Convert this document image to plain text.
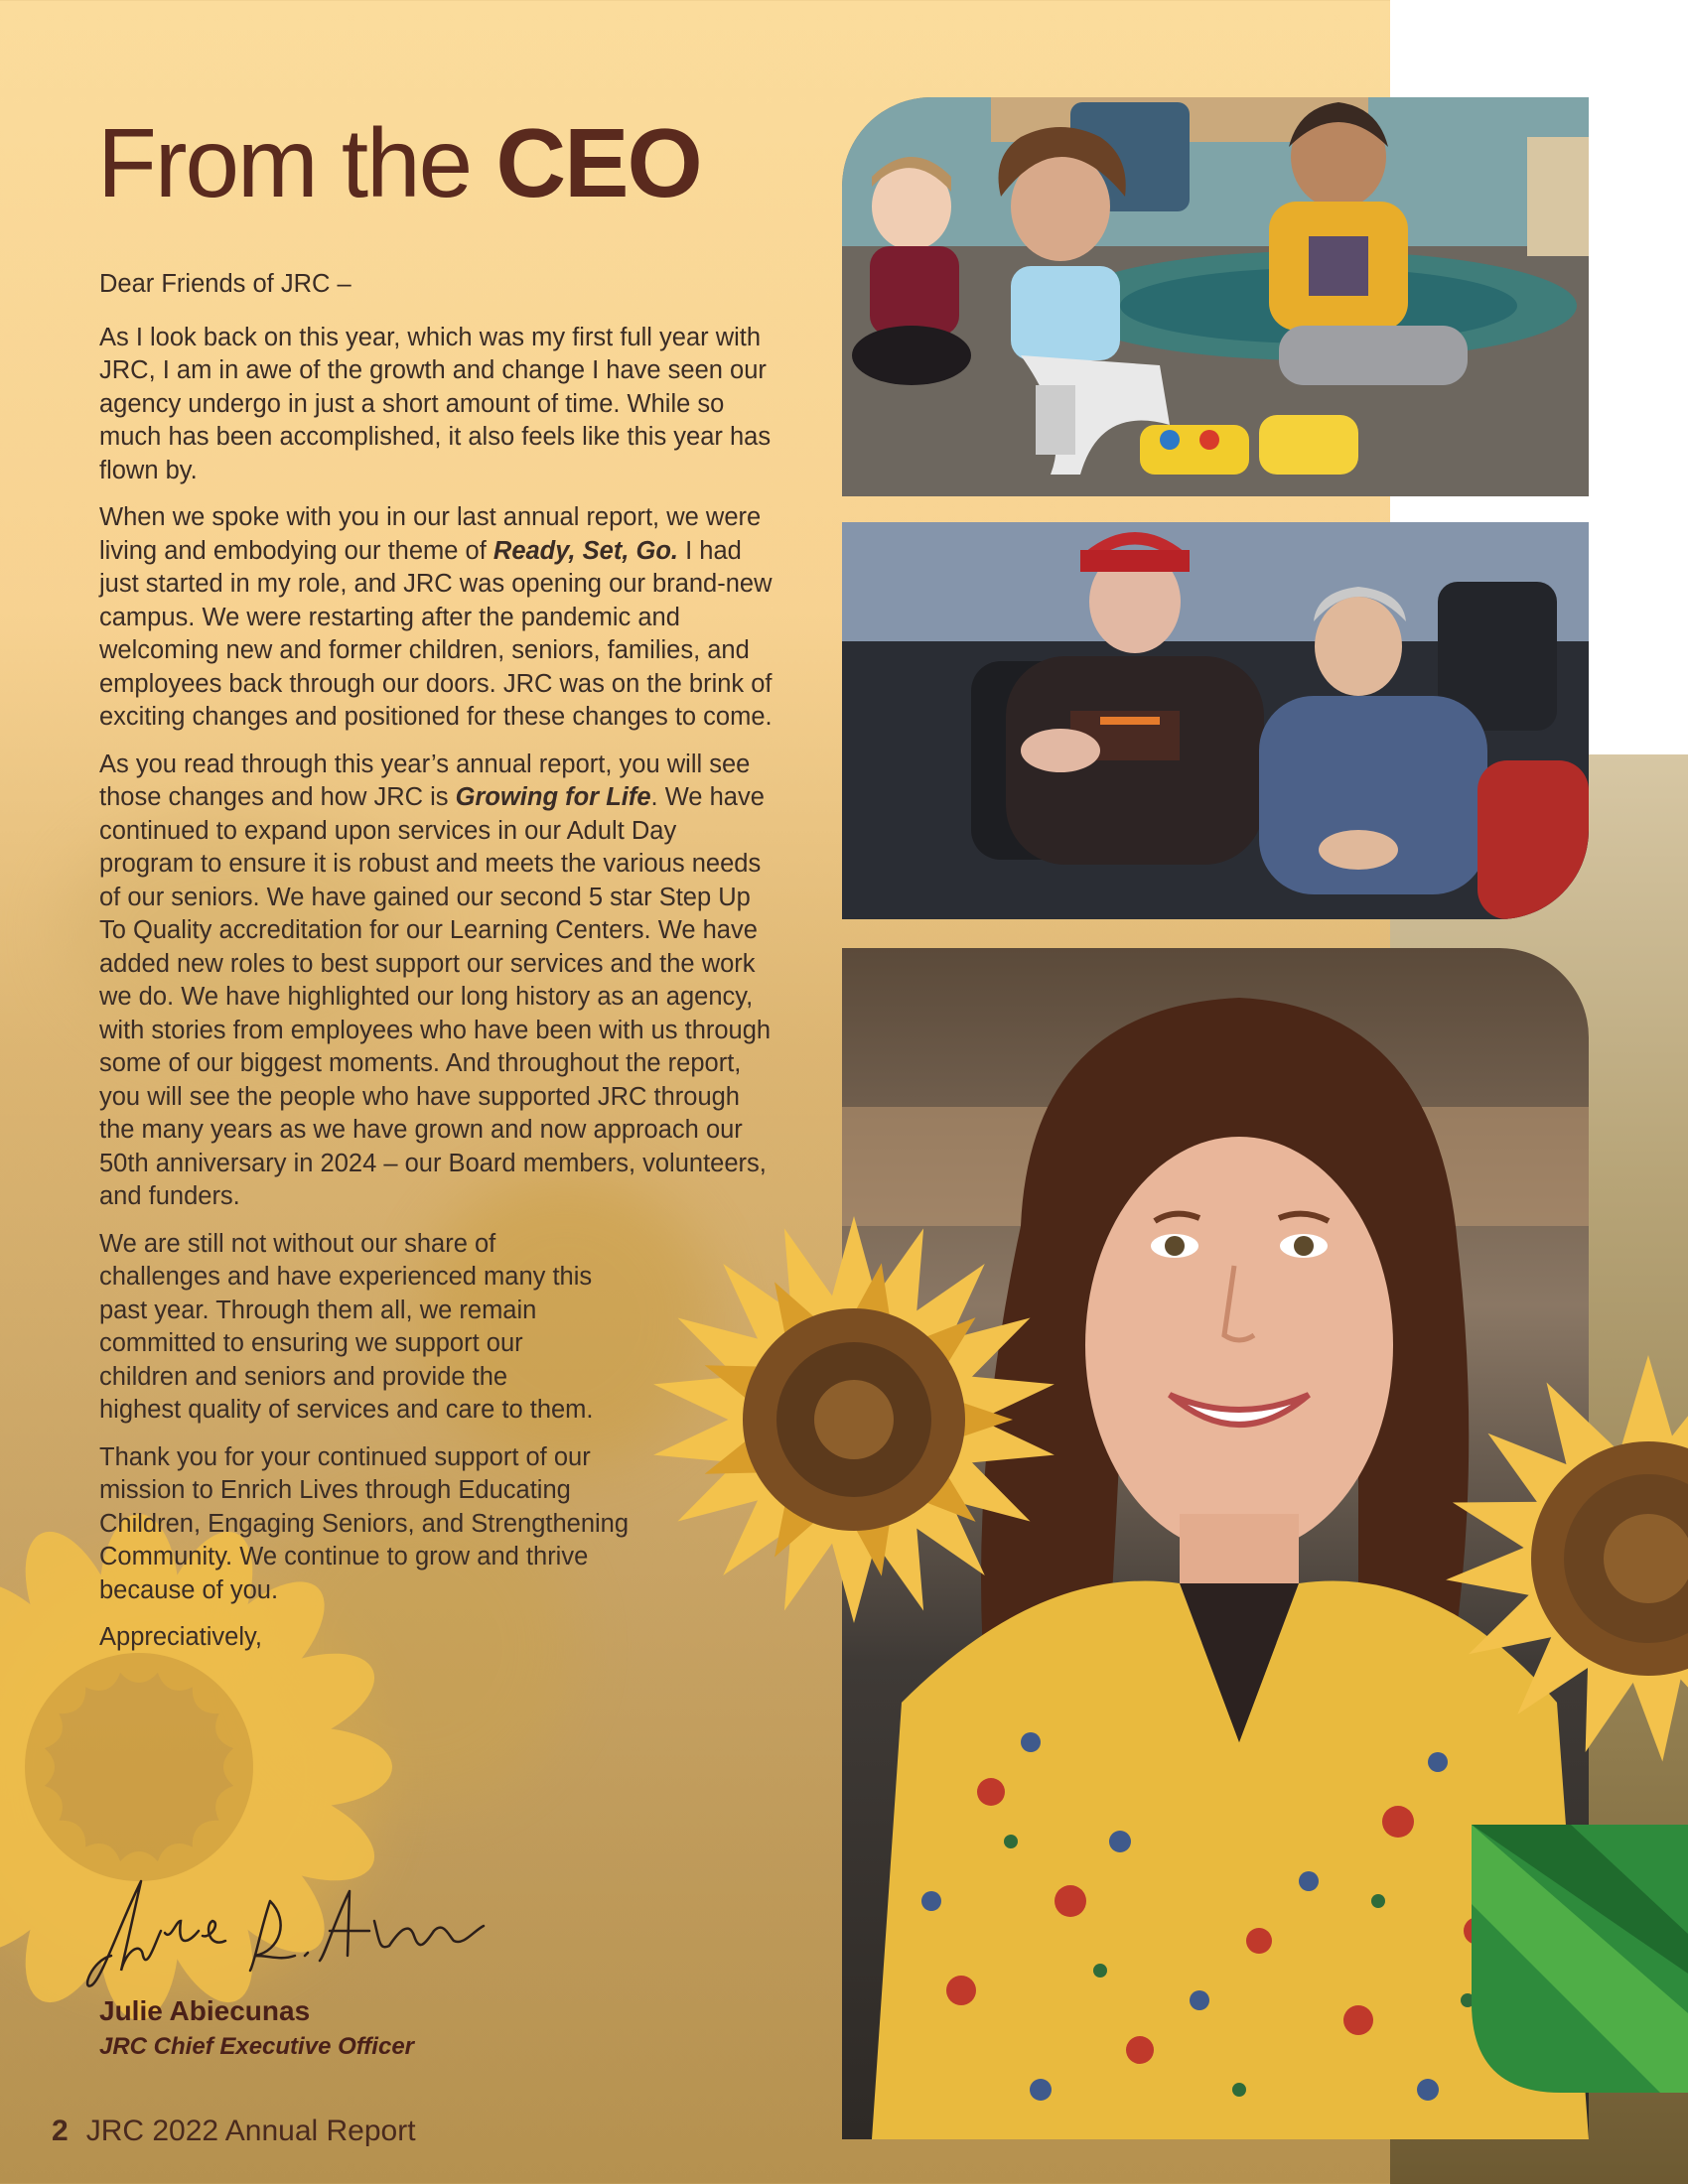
From the CEO

Dear Friends of JRC –

As I look back on this year, which was my first full year with JRC, I am in awe of the growth and change I have seen our agency undergo in just a short amount of time. While so much has been accomplished, it also feels like this year has flown by.

When we spoke with you in our last annual report, we were living and embodying our theme of Ready, Set, Go. I had just started in my role, and JRC was opening our brand-new campus. We were restarting after the pandemic and welcoming new and former children, seniors, families, and employees back through our doors. JRC was on the brink of exciting changes and positioned for these changes to come.

As you read through this year’s annual report, you will see those changes and how JRC is Growing for Life. We have continued to expand upon services in our Adult Day program to ensure it is robust and meets the various needs of our seniors. We have gained our second 5 star Step Up To Quality accreditation for our Learning Centers. We have added new roles to best support our services and the work we do. We have highlighted our long history as an agency, with stories from employees who have been with us through some of our biggest moments. And throughout the report, you will see the people who have supported JRC through the many years as we have grown and now approach our 50th anniversary in 2024 – our Board members, volunteers, and funders.

We are still not without our share of challenges and have experienced many this past year. Through them all, we remain committed to ensuring we support our children and seniors and provide the highest quality of services and care to them.

Thank you for your continued support of our mission to Enrich Lives through Educating Children, Engaging Seniors, and Strengthening Community. We continue to grow and thrive because of you.

Appreciatively,

Julie Abiecunas
JRC Chief Executive Officer
2 JRC 2022 Annual Report
